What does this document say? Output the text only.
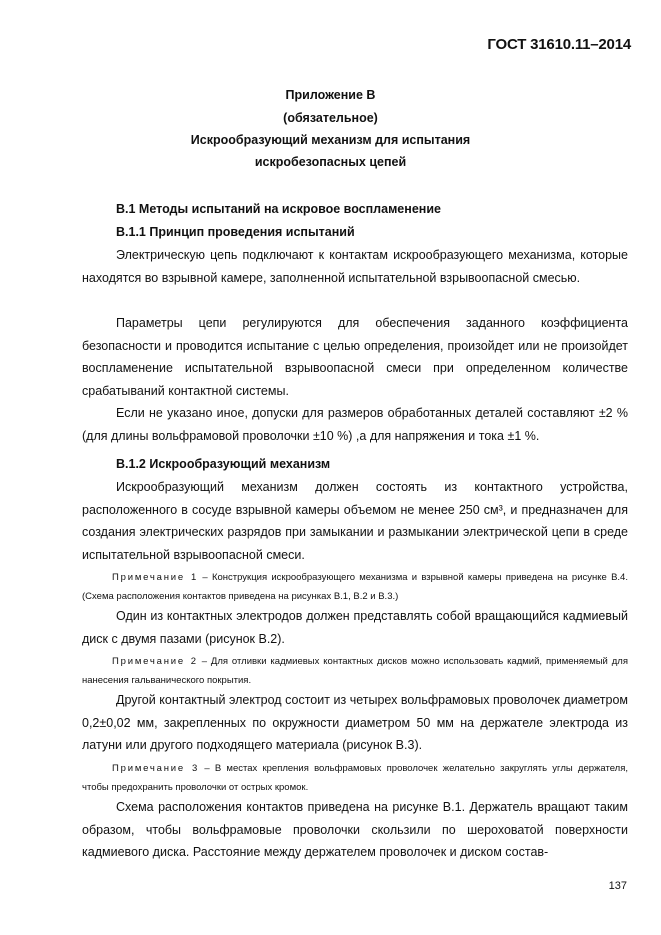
ГОСТ 31610.11–2014
Приложение В
(обязательное)
Искрообразующий механизм для испытания
искробезопасных цепей
В.1 Методы испытаний на искровое воспламенение
В.1.1 Принцип проведения испытаний
Электрическую цепь подключают к контактам искрообразующего механизма, которые находятся во взрывной камере, заполненной испытательной взрывоопасной смесью.
Параметры цепи регулируются для обеспечения заданного коэффициента безопасности и проводится испытание с целью определения, произойдет или не произойдет воспламенение испытательной взрывоопасной смеси при определенном количестве срабатываний контактной системы.
Если не указано иное, допуски для размеров обработанных деталей составляют ±2 % (для длины вольфрамовой проволочки ±10 %) ,а для напряжения и тока ±1 %.
В.1.2 Искрообразующий механизм
Искрообразующий механизм должен состоять из контактного устройства, расположенного в сосуде взрывной камеры объемом не менее 250 см³, и предназначен для создания электрических разрядов при замыкании и размыкании электрической цепи в среде испытательной взрывоопасной смеси.
Примечание 1 – Конструкция искрообразующего механизма и взрывной камеры приведена на рисунке В.4. (Схема расположения контактов приведена на рисунках В.1, В.2 и В.3.)
Один из контактных электродов должен представлять собой вращающийся кадмиевый диск с двумя пазами (рисунок В.2).
Примечание 2 – Для отливки кадмиевых контактных дисков можно использовать кадмий, применяемый для нанесения гальванического покрытия.
Другой контактный электрод состоит из четырех вольфрамовых проволочек диаметром 0,2±0,02 мм, закрепленных по окружности диаметром 50 мм на держателе электрода из латуни или другого подходящего материала (рисунок В.3).
Примечание 3 – В местах крепления вольфрамовых проволочек желательно закруглять углы держателя, чтобы предохранить проволочки от острых кромок.
Схема расположения контактов приведена на рисунке В.1. Держатель вращают таким образом, чтобы вольфрамовые проволочки скользили по шероховатой поверхности кадмиевого диска. Расстояние между держателем проволочек и диском состав-
137
